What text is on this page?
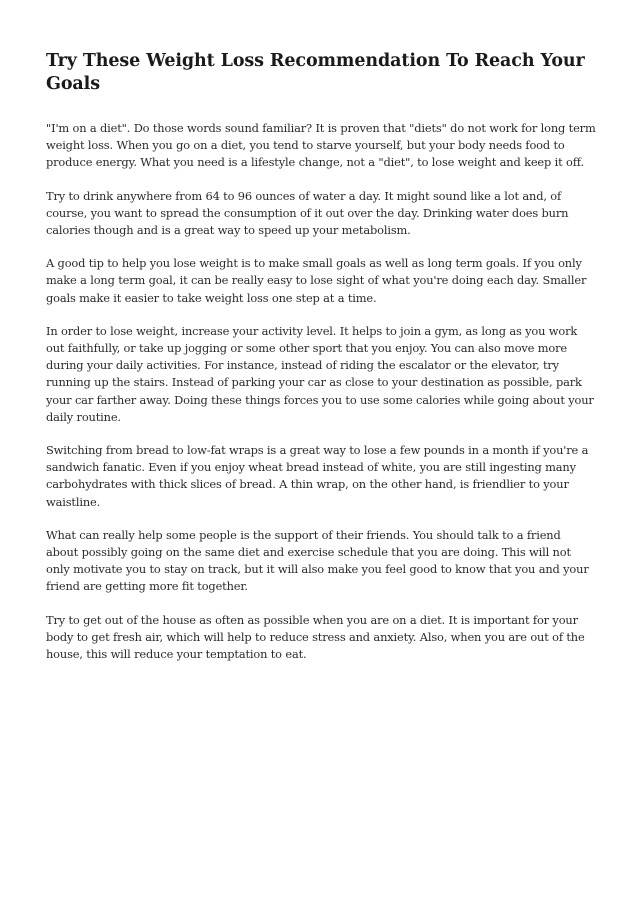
Try These Weight Loss Recommendation To Reach Your Goals

"I'm on a diet". Do those words sound familiar? It is proven that "diets" do not work for long term weight loss. When you go on a diet, you tend to starve yourself, but your body needs food to produce energy. What you need is a lifestyle change, not a "diet", to lose weight and keep it off.

Try to drink anywhere from 64 to 96 ounces of water a day. It might sound like a lot and, of course, you want to spread the consumption of it out over the day. Drinking water does burn calories though and is a great way to speed up your metabolism.

A good tip to help you lose weight is to make small goals as well as long term goals. If you only make a long term goal, it can be really easy to lose sight of what you're doing each day. Smaller goals make it easier to take weight loss one step at a time.

In order to lose weight, increase your activity level. It helps to join a gym, as long as you work out faithfully, or take up jogging or some other sport that you enjoy. You can also move more during your daily activities. For instance, instead of riding the escalator or the elevator, try running up the stairs. Instead of parking your car as close to your destination as possible, park your car farther away. Doing these things forces you to use some calories while going about your daily routine.

Switching from bread to low-fat wraps is a great way to lose a few pounds in a month if you're a sandwich fanatic. Even if you enjoy wheat bread instead of white, you are still ingesting many carbohydrates with thick slices of bread. A thin wrap, on the other hand, is friendlier to your waistline.

What can really help some people is the support of their friends. You should talk to a friend about possibly going on the same diet and exercise schedule that you are doing. This will not only motivate you to stay on track, but it will also make you feel good to know that you and your friend are getting more fit together.

Try to get out of the house as often as possible when you are on a diet. It is important for your body to get fresh air, which will help to reduce stress and anxiety. Also, when you are out of the house, this will reduce your temptation to eat.
